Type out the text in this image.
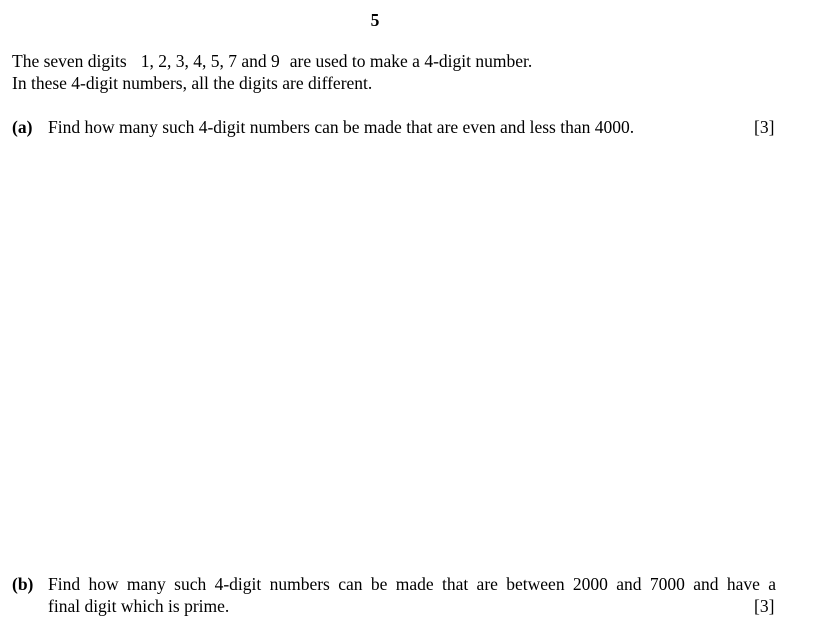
5
The seven digits 1, 2, 3, 4, 5, 7 and 9 are used to make a 4-digit number.
In these 4-digit numbers, all the digits are different.
(a) Find how many such 4-digit numbers can be made that are even and less than 4000.	[3]
(b) Find how many such 4-digit numbers can be made that are between 2000 and 7000 and have a
final digit which is prime.	[3]
